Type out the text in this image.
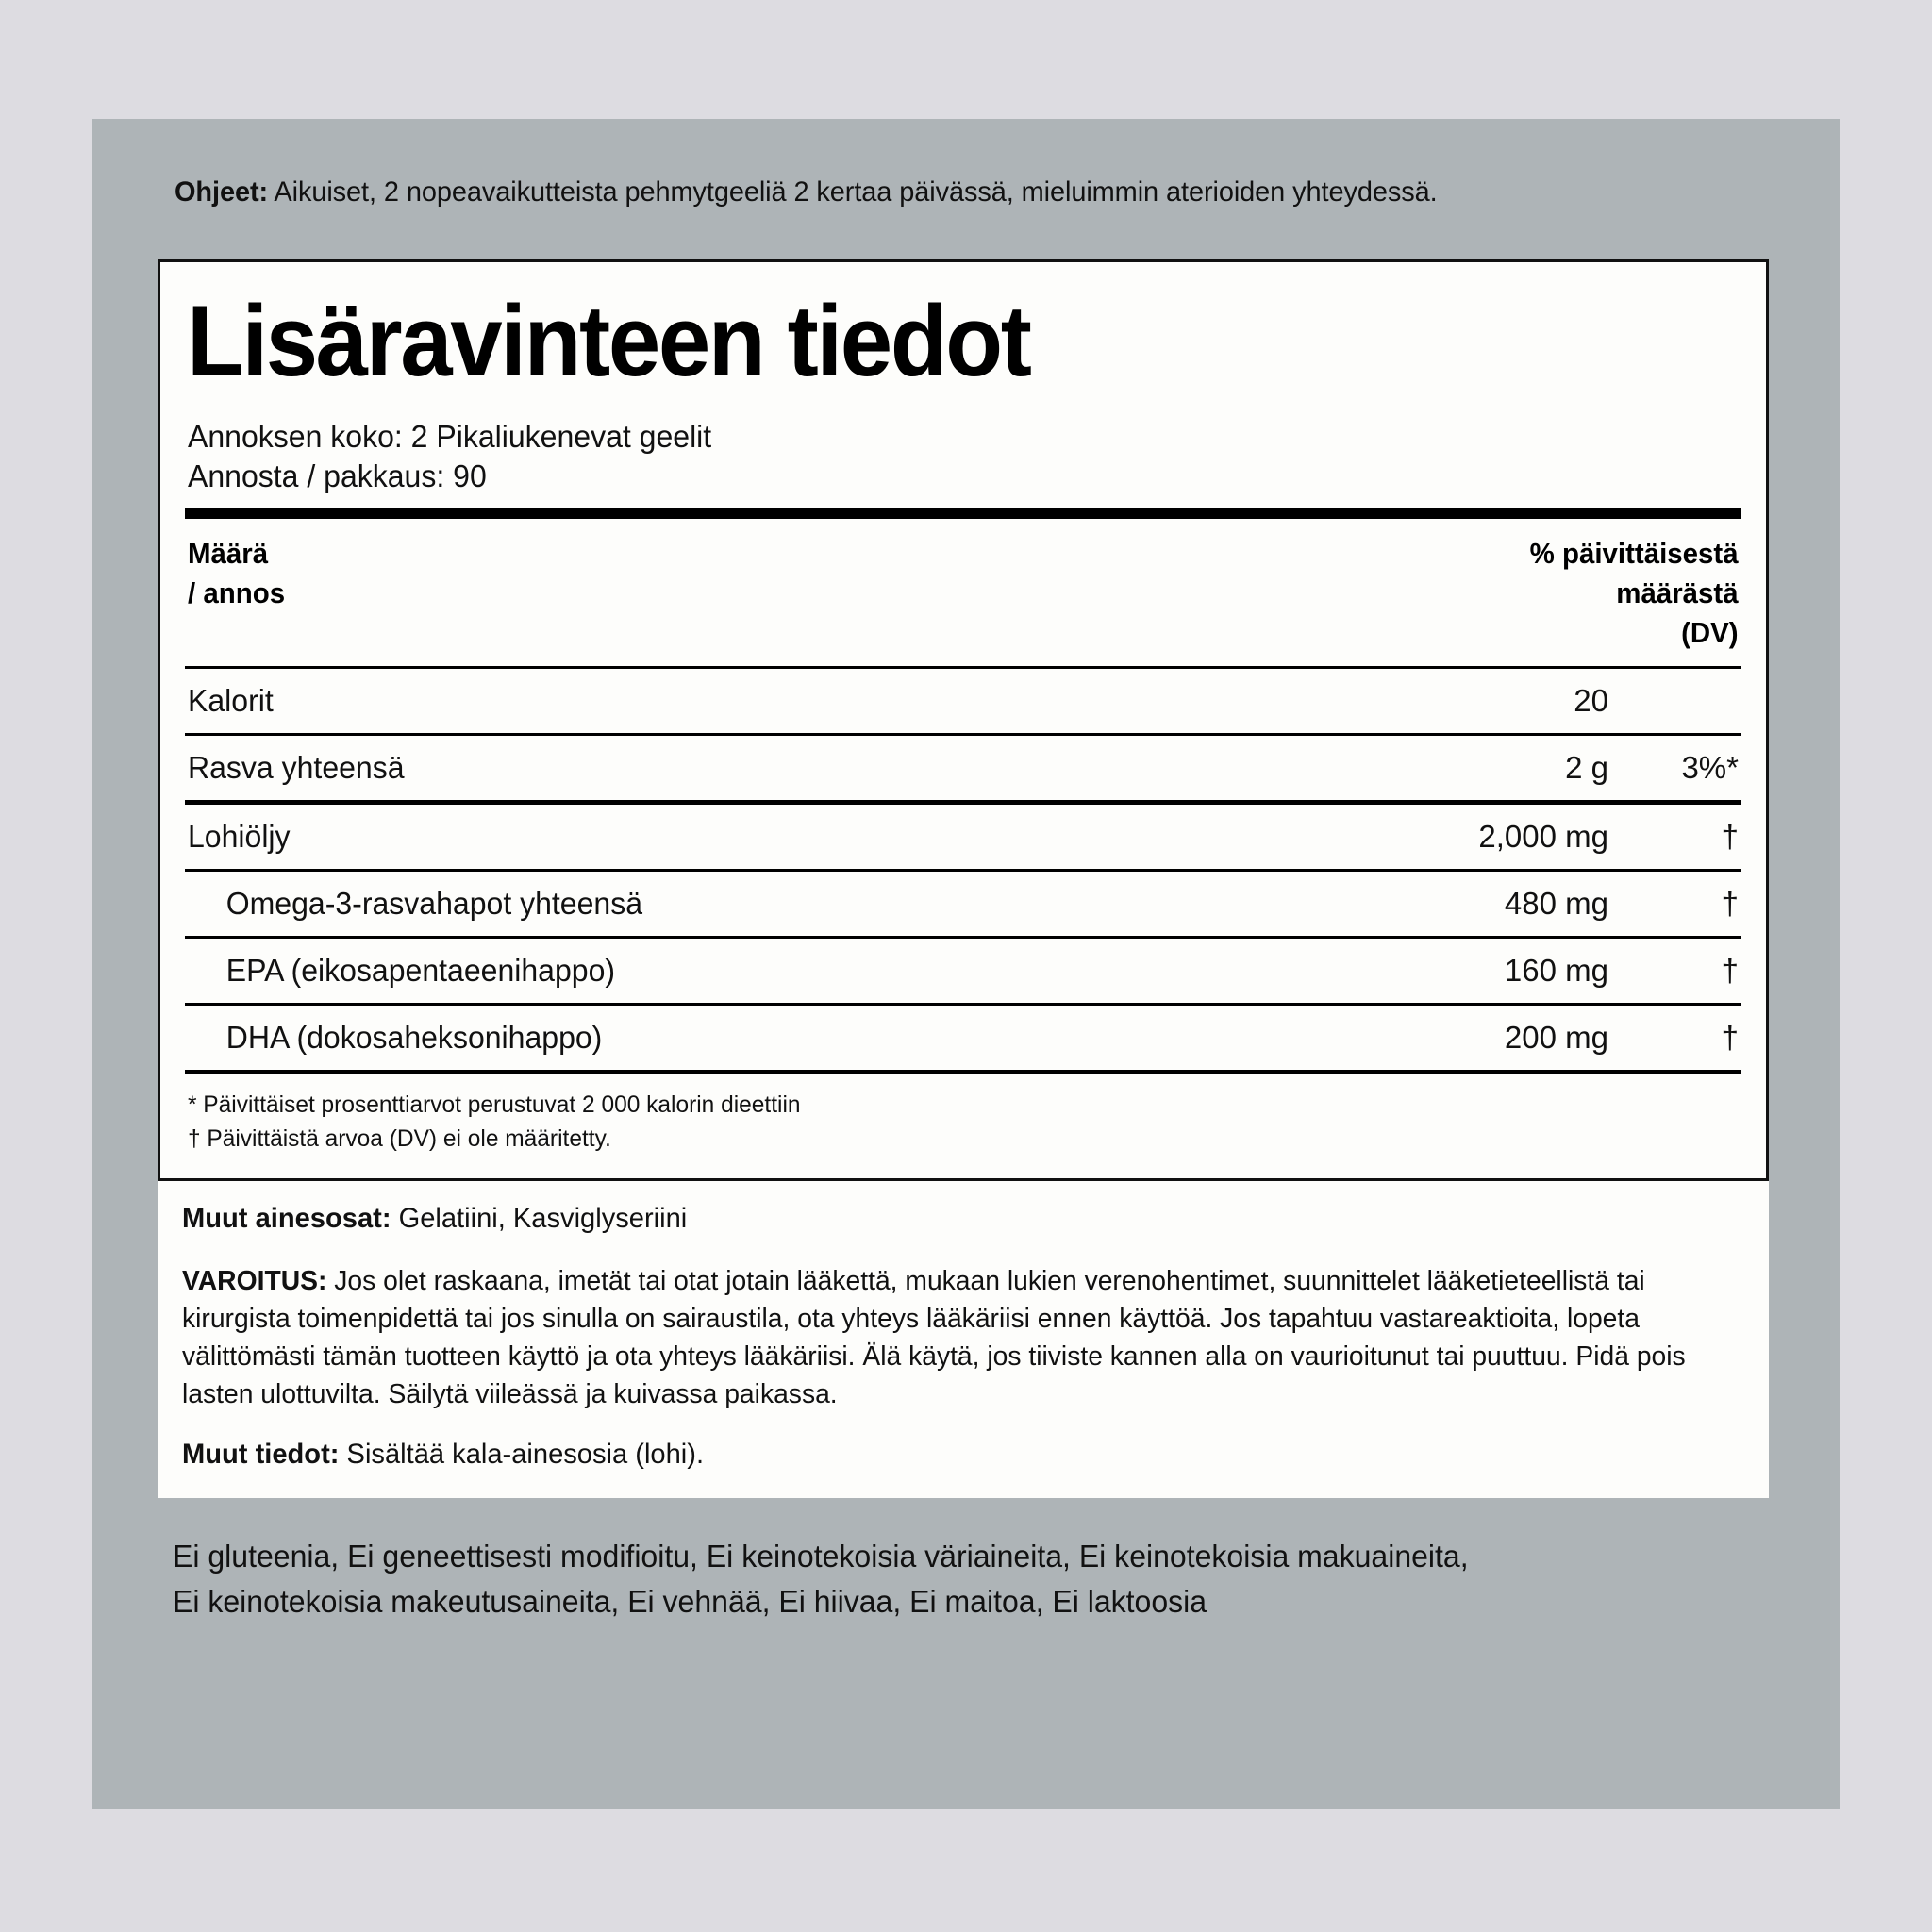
Ohjeet: Aikuiset, 2 nopeavaikutteista pehmytgeeliä 2 kertaa päivässä, mieluimmin aterioiden yhteydessä.
Lisäravinteen tiedot
Annoksen koko: 2 Pikaliukenevat geelit
Annosta / pakkaus: 90
Määrä
/ annos
% päivittäisestä
määrästä
(DV)
Kalorit	20
Rasva yhteensä	2 g	3%*
Lohiöljy	2,000 mg	†
Omega-3-rasvahapot yhteensä	480 mg	†
EPA (eikosapentaeenihappo)	160 mg	†
DHA (dokosaheksonihappo)	200 mg	†
* Päivittäiset prosenttiarvot perustuvat 2 000 kalorin dieettiin
† Päivittäistä arvoa (DV) ei ole määritetty.
Muut ainesosat: Gelatiini, Kasviglyseriini
VAROITUS: Jos olet raskaana, imetät tai otat jotain lääkettä, mukaan lukien verenohentimet, suunnittelet lääketieteellistä tai kirurgista toimenpidettä tai jos sinulla on sairaustila, ota yhteys lääkäriisi ennen käyttöä. Jos tapahtuu vastareaktioita, lopeta välittömästi tämän tuotteen käyttö ja ota yhteys lääkäriisi. Älä käytä, jos tiiviste kannen alla on vaurioitunut tai puuttuu. Pidä pois lasten ulottuvilta. Säilytä viileässä ja kuivassa paikassa.
Muut tiedot: Sisältää kala-ainesosia (lohi).
Ei gluteenia, Ei geneettisesti modifioitu, Ei keinotekoisia väriaineita, Ei keinotekoisia makuaineita,
Ei keinotekoisia makeutusaineita, Ei vehnää, Ei hiivaa, Ei maitoa, Ei laktoosia
